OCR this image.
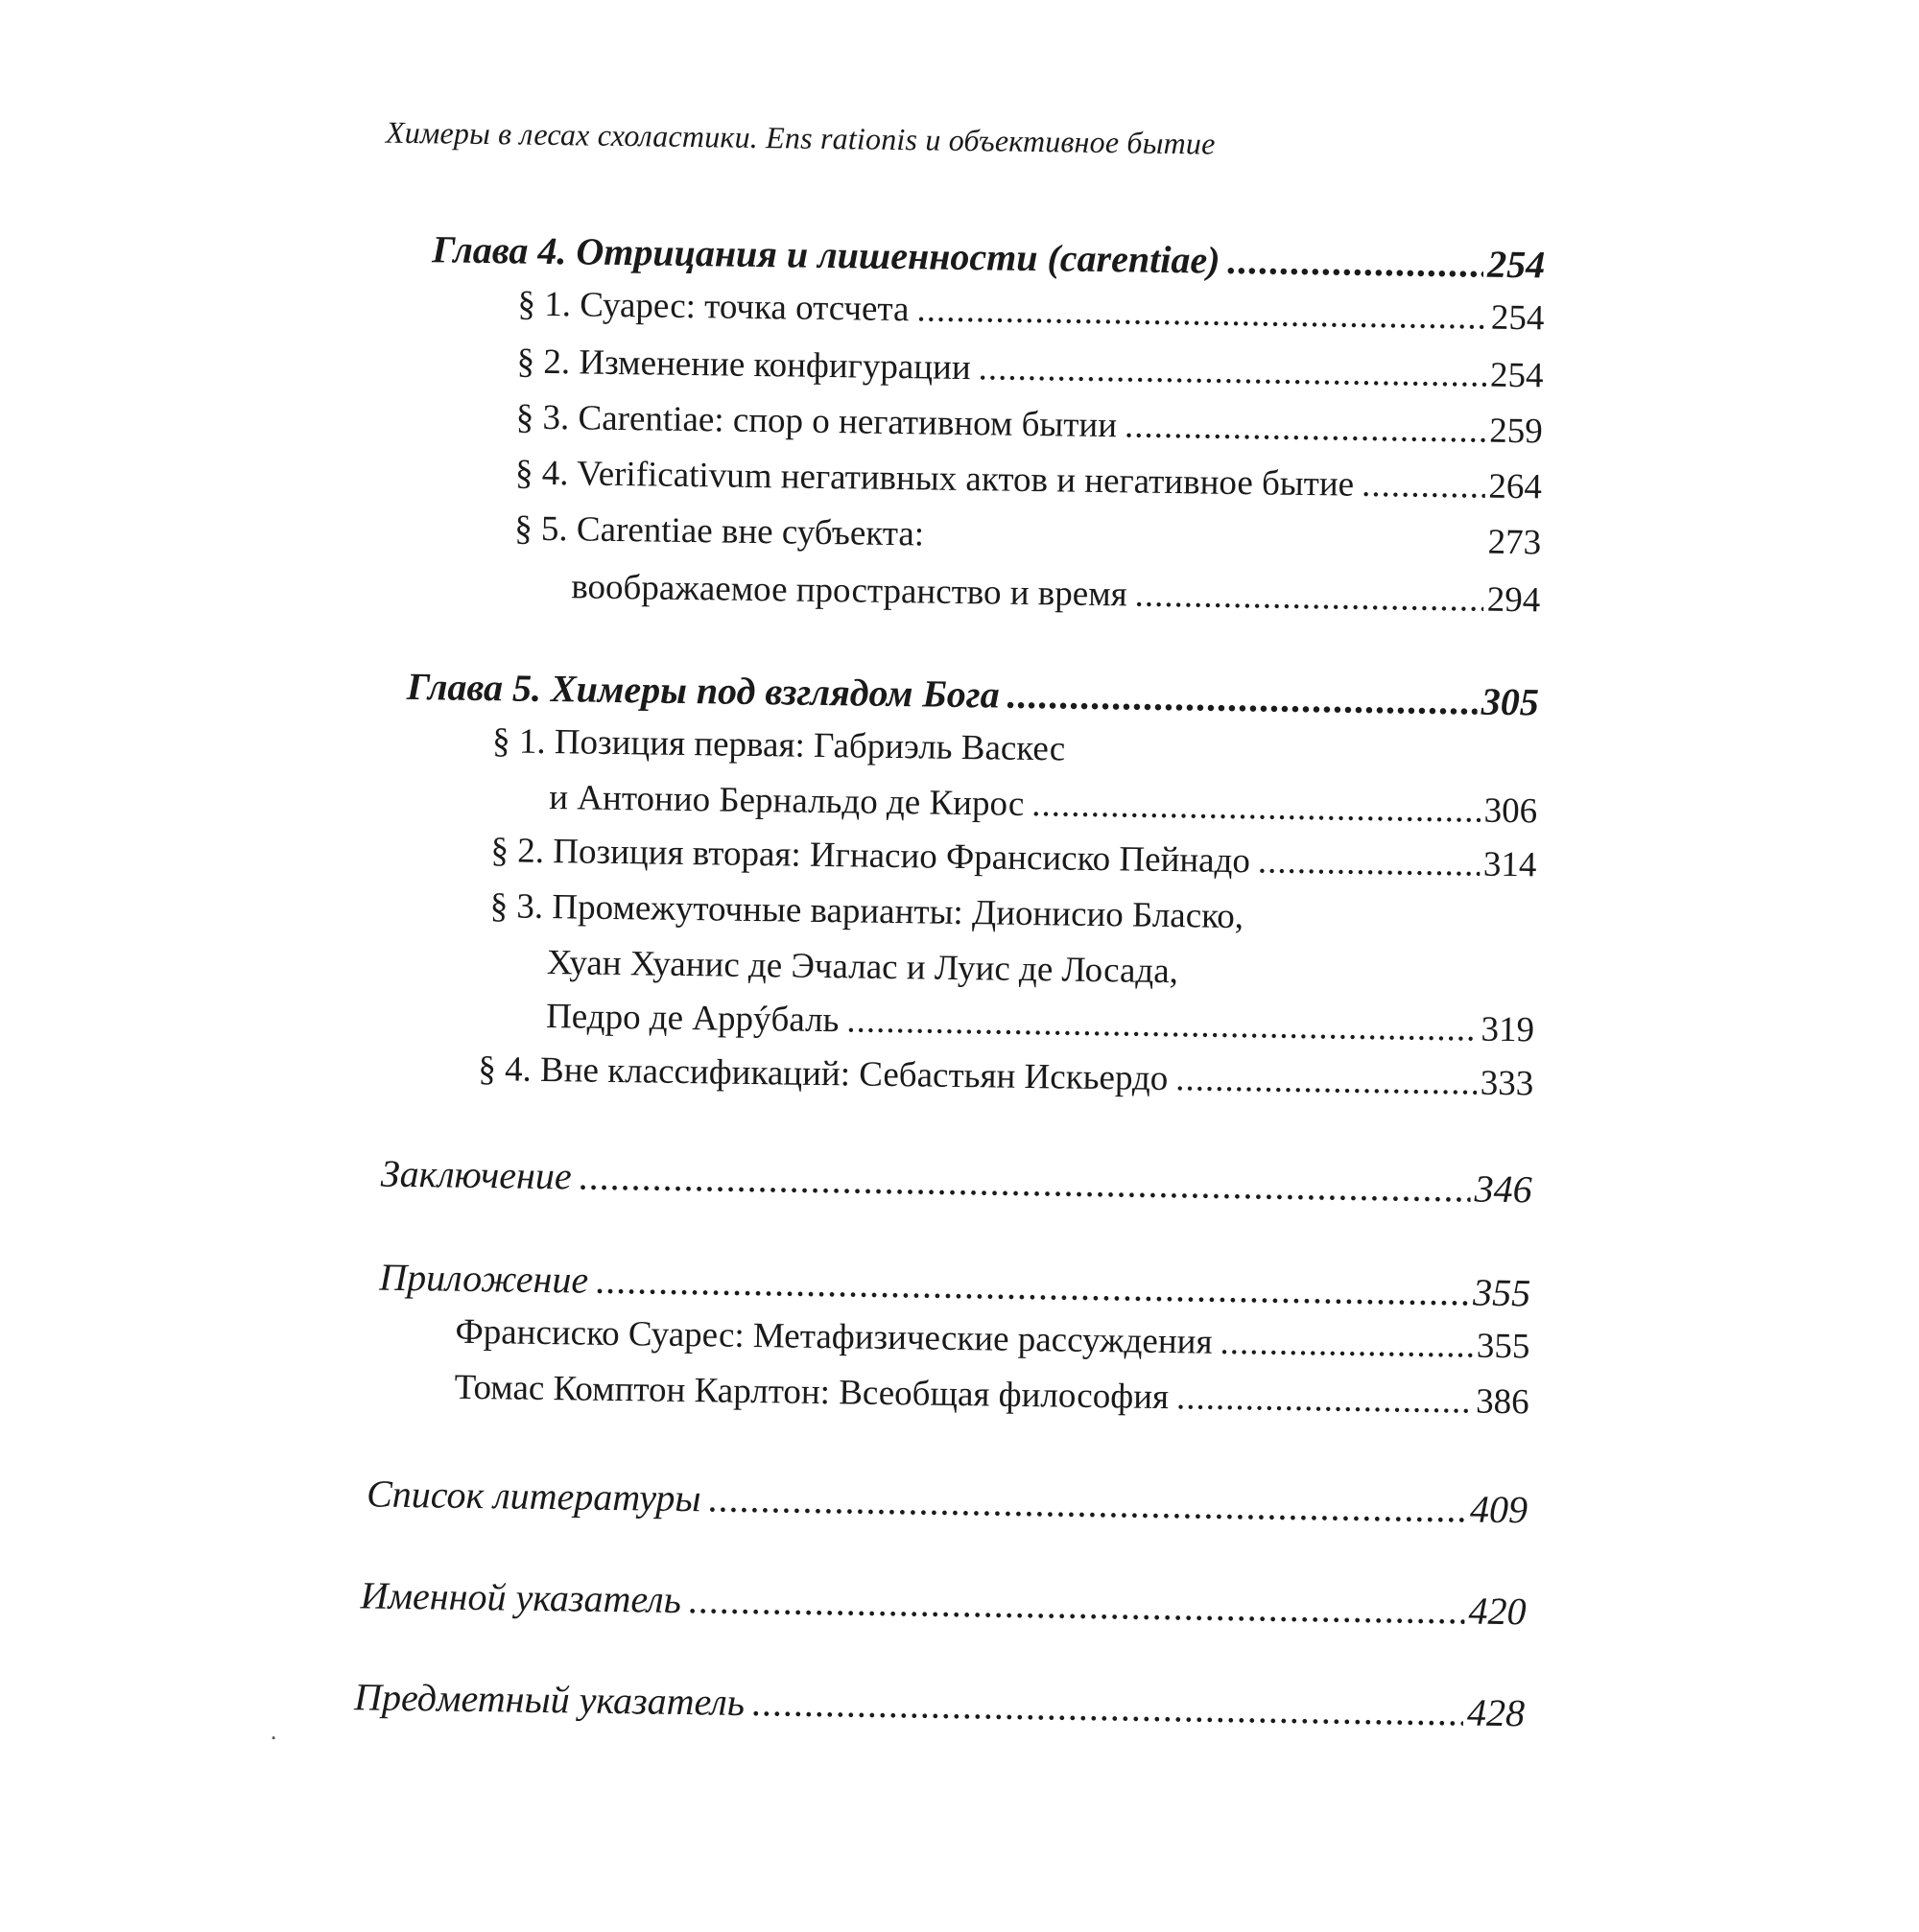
Химеры в лесах схоластики. Ens rationis и объективное бытие
Глава 4. Отрицания и лишенности (carentiae) .....	254
§ 1. Суарес: точка отсчета .....	254
§ 2. Изменение конфигурации .....	254
§ 3. Carentiae: спор о негативном бытии .....	259
§ 4. Verificativum негативных актов и негативное бытие .....	264
§ 5. Carentiae вне субъекта:	273
воображаемое пространство и время .....	294
Глава 5. Химеры под взглядом Бога .....	305
§ 1. Позиция первая: Габриэль Васкес
и Антонио Бернальдо де Кирос .....	306
§ 2. Позиция вторая: Игнасио Франсиско Пейнадо .....	314
§ 3. Промежуточные варианты: Дионисио Бласко,
Хуан Хуанис де Эчалас и Луис де Лосада,
Педро де Аррýбаль .....	319
§ 4. Вне классификаций: Себастьян Искьердо .....	333
Заключение .....	346
Приложение .....	355
Франсиско Суарес: Метафизические рассуждения .....	355
Томас Комптон Карлтон: Всеобщая философия .....	386
Список литературы .....	409
Именной указатель .....	420
Предметный указатель .....	428
